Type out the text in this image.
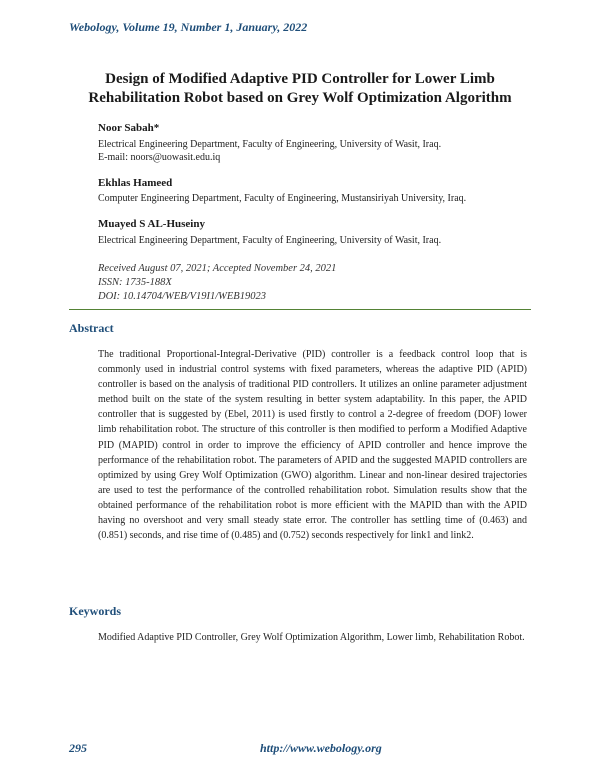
Webology, Volume 19, Number 1, January, 2022
Design of Modified Adaptive PID Controller for Lower Limb
Rehabilitation Robot based on Grey Wolf Optimization Algorithm
Noor Sabah*
Electrical Engineering Department, Faculty of Engineering, University of Wasit, Iraq.
E-mail: noors@uowasit.edu.iq
Ekhlas Hameed
Computer Engineering Department, Faculty of Engineering, Mustansiriyah University, Iraq.
Muayed S AL-Huseiny
Electrical Engineering Department, Faculty of Engineering, University of Wasit, Iraq.
Received August 07, 2021; Accepted November 24, 2021
ISSN: 1735-188X
DOI: 10.14704/WEB/V19I1/WEB19023
Abstract
The traditional Proportional-Integral-Derivative (PID) controller is a feedback control loop that is commonly used in industrial control systems with fixed parameters, whereas the adaptive PID (APID) controller is based on the analysis of traditional PID controllers. It utilizes an online parameter adjustment method built on the state of the system resulting in better system adaptability. In this paper, the APID controller that is suggested by (Ebel, 2011) is used firstly to control a 2-degree of freedom (DOF) lower limb rehabilitation robot. The structure of this controller is then modified to perform a Modified Adaptive PID (MAPID) control in order to improve the efficiency of APID controller and hence improve the performance of the rehabilitation robot. The parameters of APID and the suggested MAPID controllers are optimized by using Grey Wolf Optimization (GWO) algorithm. Linear and non-linear desired trajectories are used to test the performance of the controlled rehabilitation robot. Simulation results show that the obtained performance of the rehabilitation robot is more efficient with the MAPID than with the APID having no overshoot and very small steady state error. The controller has settling time of (0.463) and (0.851) seconds, and rise time of (0.485) and (0.752) seconds respectively for link1 and link2.
Keywords
Modified Adaptive PID Controller, Grey Wolf Optimization Algorithm, Lower limb, Rehabilitation Robot.
295	http://www.webology.org
